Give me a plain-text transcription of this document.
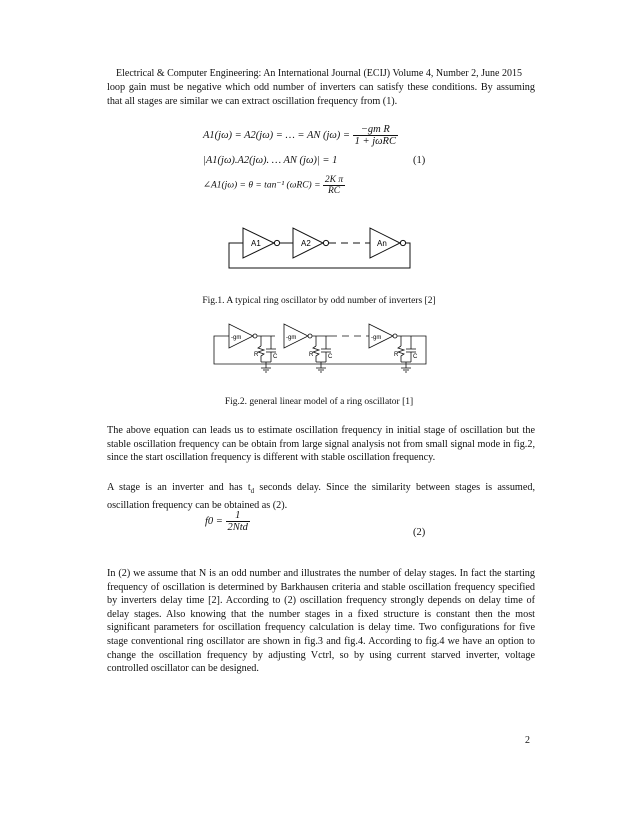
Electrical & Computer Engineering: An International Journal (ECIJ) Volume 4, Number 2, June 2015

loop gain must be negative which odd number of inverters can satisfy these conditions. By assuming that all stages are similar we can extract oscillation frequency from (1).

A1(jω) = A2(jω) = … = AN $(j\omega) = \frac{\text{−gm R}}{\text{1 + jωRC}}$
|A1(jω).A2(jω). … AN (jω)| = 1	(1)
∠A1(jω) = θ = tan⁻¹ $(\omega RC) = \frac{\text{2K π}}{RC}$
A1	A2	An
Fig.1. A typical ring oscillator by odd number of inverters [2]
-gm	-gm	-gm
R C	R C	R C
Fig.2. general linear model of a ring oscillator [1]

The above equation can leads us to estimate oscillation frequency in initial stage of oscillation but the stable oscillation frequency can be obtain from large signal analysis not from small signal mode in fig.2, since the start oscillation frequency is different with stable oscillation frequency.

A stage is an inverter and has $t_d$ seconds delay. Since the similarity between stages is assumed, oscillation frequency can be obtained as (2).

$f0 = \frac{1}{\text{2Ntd}}$	(2)

In (2) we assume that N is an odd number and illustrates the number of delay stages. In fact the starting frequency of oscillation is determined by Barkhausen criteria and stable oscillation frequency specified by inverters delay time [2]. According to (2) oscillation frequency strongly depends on delay time of delay stages. Also knowing that the number stages in a fixed structure is constant then the most significant parameters for oscillation frequency calculation is delay time. Two configurations for five stage conventional ring oscillator are shown in fig.3 and fig.4. According to fig.4 we have an option to change the oscillation frequency by adjusting Vctrl, so by using current starved inverter, voltage controlled oscillator can be designed.

2
